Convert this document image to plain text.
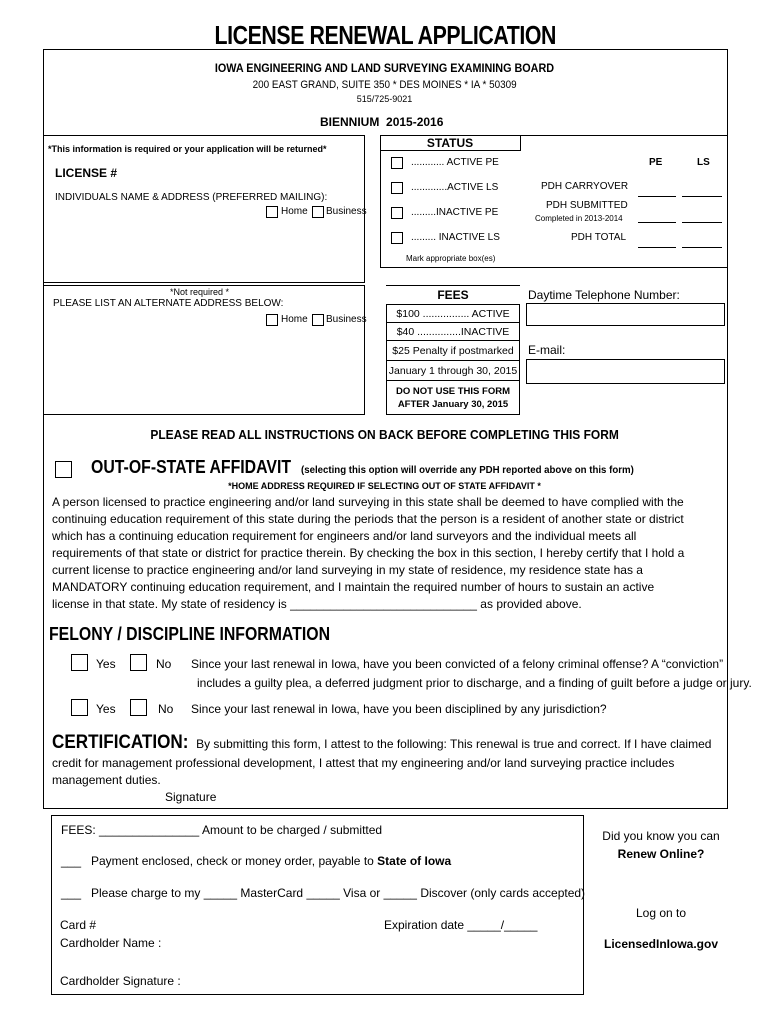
LICENSE RENEWAL APPLICATION
IOWA ENGINEERING AND LAND SURVEYING EXAMINING BOARD
200 EAST GRAND, SUITE 350 * DES MOINES * IA * 50309
515/725-9021
BIENNIUM 2015-2016
*This information is required or your application will be returned*
LICENSE #
INDIVIDUALS NAME & ADDRESS (PREFERRED MAILING):
Home Business
*Not required *
PLEASE LIST AN ALTERNATE ADDRESS BELOW:
Home Business
STATUS
............ ACTIVE PE
.............ACTIVE LS
.........INACTIVE PE
......... INACTIVE LS
Mark appropriate box(es)
PE	LS
PDH CARRYOVER
PDH SUBMITTED
Completed in 2013-2014
PDH TOTAL
FEES
$100 ................ ACTIVE
$40 ...............INACTIVE
$25 Penalty if postmarked
January 1 through 30, 2015
DO NOT USE THIS FORM
AFTER January 30, 2015
Daytime Telephone Number:
E-mail:
PLEASE READ ALL INSTRUCTIONS ON BACK BEFORE COMPLETING THIS FORM
OUT-OF-STATE AFFIDAVIT (selecting this option will override any PDH reported above on this form)
*HOME ADDRESS REQUIRED IF SELECTING OUT OF STATE AFFIDAVIT *
A person licensed to practice engineering and/or land surveying in this state shall be deemed to have complied with the
continuing education requirement of this state during the periods that the person is a resident of another state or district
which has a continuing education requirement for engineers and/or land surveyors and the individual meets all
requirements of that state or district for practice therein. By checking the box in this section, I hereby certify that I hold a
current license to practice engineering and/or land surveying in my state of residence, my residence state has a
MANDATORY continuing education requirement, and I maintain the required number of hours to sustain an active
license in that state. My state of residency is ____________________________ as provided above.
FELONY / DISCIPLINE INFORMATION
Yes	No Since your last renewal in Iowa, have you been convicted of a felony criminal offense? A “conviction”
includes a guilty plea, a deferred judgment prior to discharge, and a finding of guilt before a judge or jury.
Yes	No Since your last renewal in Iowa, have you been disciplined by any jurisdiction?
CERTIFICATION: By submitting this form, I attest to the following: This renewal is true and correct. If I have claimed
credit for management professional development, I attest that my engineering and/or land surveying practice includes
management duties.
Signature
FEES: _______________ Amount to be charged / submitted
___ Payment enclosed, check or money order, payable to State of Iowa
___ Please charge to my _____ MasterCard _____ Visa or _____ Discover (only cards accepted)
Card #	Expiration date _____/_____
Cardholder Name :
Cardholder Signature :
Did you know you can
Renew Online?
Log on to
LicensedInIowa.gov
